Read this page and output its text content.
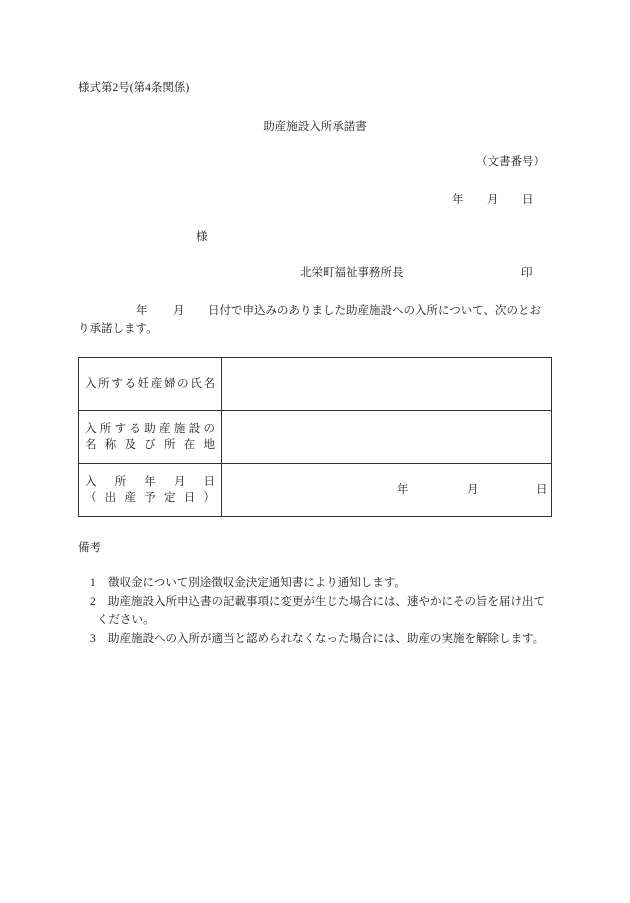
様式第2号(第4条関係)
助産施設入所承諾書
（文書番号）
年 月 日
様
北栄町福祉事務所長	印
年 月 日付で申込みのありました助産施設への入所について、次のとお
り承諾します。
入所する妊産婦の氏名	

入所する助産施設の
名称及び所在地	

入所年月日
（出産予定日）	年 月 日
備考
1 徴収金について別途徴収金決定通知書により通知します。
2 助産施設入所申込書の記載事項に変更が生じた場合には、速やかにその旨を届け出て
ください。
3 助産施設への入所が適当と認められなくなった場合には、助産の実施を解除します。
